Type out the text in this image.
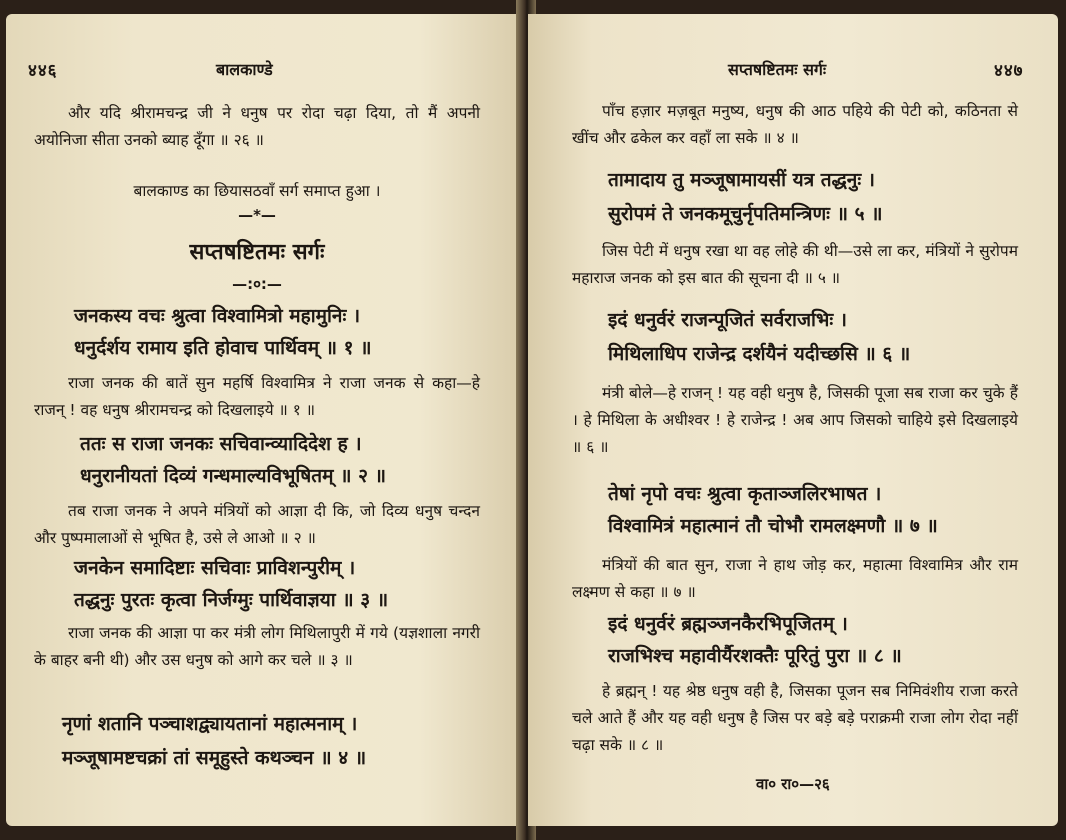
४४६	बालकाण्डे

और यदि श्रीरामचन्द्र जी ने धनुष पर रोदा चढ़ा दिया, तो मैं अपनी अयोनिजा सीता उनको ब्याह दूँगा ॥ २६ ॥

बालकाण्ड का छियासठवाँ सर्ग समाप्त हुआ ।

—*—
सप्तषष्टितमः सर्गः
—:०:—

जनकस्य वचः श्रुत्वा विश्वामित्रो महामुनिः ।

धनुर्दर्शय रामाय इति होवाच पार्थिवम् ॥ १ ॥

राजा जनक की बातें सुन महर्षि विश्वामित्र ने राजा जनक से कहा—हे राजन् ! वह धनुष श्रीरामचन्द्र को दिखलाइये ॥ १ ॥

ततः स राजा जनकः सचिवान्व्यादिदेश ह ।

धनुरानीयतां दिव्यं गन्धमाल्यविभूषितम् ॥ २ ॥

तब राजा जनक ने अपने मंत्रियों को आज्ञा दी कि, जो दिव्य धनुष चन्दन और पुष्पमालाओं से भूषित है, उसे ले आओ ॥ २ ॥

जनकेन समादिष्टाः सचिवाः प्राविशन्पुरीम् ।

तद्धनुः पुरतः कृत्वा निर्जग्मुः पार्थिवाज्ञया ॥ ३ ॥

राजा जनक की आज्ञा पा कर मंत्री लोग मिथिलापुरी में गये (यज्ञशाला नगरी के बाहर बनी थी) और उस धनुष को आगे कर चले ॥ ३ ॥

नृणां शतानि पञ्चाशद्व्यायतानां महात्मनाम् ।

मञ्जूषामष्टचक्रां तां समूहुस्ते कथञ्चन ॥ ४ ॥

सप्तषष्टितमः सर्गः	४४७

पाँच हज़ार मज़बूत मनुष्य, धनुष की आठ पहिये की पेटी को, कठिनता से खींच और ढकेल कर वहाँ ला सके ॥ ४ ॥

तामादाय तु मञ्जूषामायसीं यत्र तद्धनुः ।

सुरोपमं ते जनकमूचुर्नृपतिमन्त्रिणः ॥ ५ ॥

जिस पेटी में धनुष रखा था वह लोहे की थी—उसे ला कर, मंत्रियों ने सुरोपम महाराज जनक को इस बात की सूचना दी ॥ ५ ॥

इदं धनुर्वरं राजन्पूजितं सर्वराजभिः ।

मिथिलाधिप राजेन्द्र दर्शयैनं यदीच्छसि ॥ ६ ॥

मंत्री बोले—हे राजन् ! यह वही धनुष है, जिसकी पूजा सब राजा कर चुके हैं । हे मिथिला के अधीश्वर ! हे राजेन्द्र ! अब आप जिसको चाहिये इसे दिखलाइये ॥ ६ ॥

तेषां नृपो वचः श्रुत्वा कृताञ्जलिरभाषत ।

विश्वामित्रं महात्मानं तौ चोभौ रामलक्ष्मणौ ॥ ७ ॥

मंत्रियों की बात सुन, राजा ने हाथ जोड़ कर, महात्मा विश्वामित्र और राम लक्ष्मण से कहा ॥ ७ ॥

इदं धनुर्वरं ब्रह्मञ्जनकैरभिपूजितम् ।

राजभिश्च महावीर्यैरशक्तैः पूरितुं पुरा ॥ ८ ॥

हे ब्रह्मन् ! यह श्रेष्ठ धनुष वही है, जिसका पूजन सब निमिवंशीय राजा करते चले आते हैं और यह वही धनुष है जिस पर बड़े बड़े पराक्रमी राजा लोग रोदा नहीं चढ़ा सके ॥ ८ ॥

वा० रा०—२६
